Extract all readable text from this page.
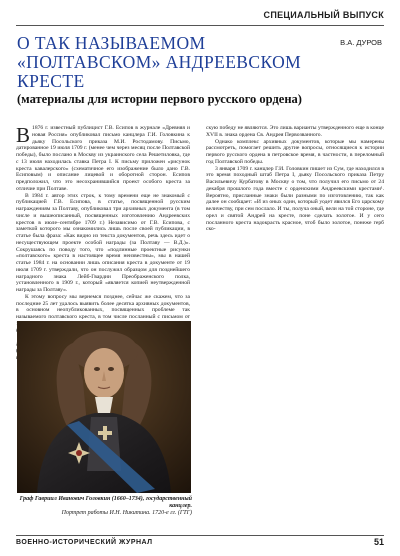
СПЕЦИАЛЬНЫЙ ВЫПУСК
О ТАК НАЗЫВАЕМОМ «ПОЛТАВСКОМ» АНДРЕЕВСКОМ КРЕСТЕ
В.А. ДУРОВ
(материалы для истории первого русского ордена)
В 1876 г. известный публицист Г.В. Есипов в журнале «Древняя и новая Россия» опубликовал письмо канцлера Г.И. Головкина к дьяку Посольского приказа М.И. Ростодамову. Письмо, датированное 19 июля 1709 г. (менее чем через месяц после Полтавской победы), было послано в Москву из украинского села Решетиловка, где с 13 июля находилась ставка Петра I. К письму приложен «рисунок креста кавалерского» (схематичное его изображение было дано Г.В. Есиповым) и описание лицевой и оборотной сторон. Есипов предположил, что это несохранившийся проект особого креста за отличие при Полтаве.

В 1984 г. автор этих строк, к тому времени еще не знакомый с публикацией Г.В. Есипова, в статье, посвященной русским награждениям за Полтаву, опубликовал три архивных документа (в том числе и вышеописанный, посвященных изготовлению Андреевских крестов в июле–сентябре 1709 г.) Независимо от Г.В. Есипова, с заметкой которого мы ознакомились лишь после своей публикации, в статье была фраза: «Как видно из текста документов, речь здесь идет о несуществующем проекте особой награды (за Полтаву — В.Д.)». Сокрушаясь по поводу того, что «подлинные проектные рисунки «полтавского» креста в настоящее время неизвестны», мы в нашей статье 1984 г. на основании лишь описания креста в документе от 19 июля 1709 г. утверждали, что он послужил образцом для позднейшего наградного знака Лейб-Гвардии Преображенского полка, установленного в 1909 г., который «является копией неутвержденной награды за Полтаву».

К этому вопросу мы вернемся позднее, сейчас же скажем, что за последние 25 лет удалось выявить более десятка архивных документов, в основном неопубликованных, посвященных проблеме так называемого полтавского креста, в том числе посланный с письмом от

скую победу не являются. Это лишь варианты утвержденного еще в конце XVII в. знака ордена Св. Андрея Первозванного.

Однако комплекс архивных документов, которые мы намерены рассмотреть, помогает решить другие вопросы, относящиеся к истории первого русского ордена в петровское время, в частности, в переломный год Полтавской победы.

3 января 1709 г. канцлер Г.И. Головкин пишет из Сум, где находился в это время походный штаб Петра I, дьяку Посольского приказа Петру Васильевичу Курбатову в Москву о том, что получил его письмо от 24 декабря прошлого года вместе с орденскими Андреевскими крестами¹. Вероятно, присланные знаки были разными по изготовлению, так как далее он сообщает: «И из оных один, который уодет явился Его царскому величеству, при сем послало. И ты, получа оный, вели на той стороне, где орел и святой Андрей на кресте, поне сделать золотое. И у сего посланного креста надокрасть красное, чтоб было золотое, понеже герб ско-

Граф Гавриил Иванович Головкин (1660–1734), государственный канцлер.
Портрет работы И.Н. Никитина. 1720-е гг. (ГТГ)
ВОЕННО-ИСТОРИЧЕСКИЙ ЖУРНАЛ	51
